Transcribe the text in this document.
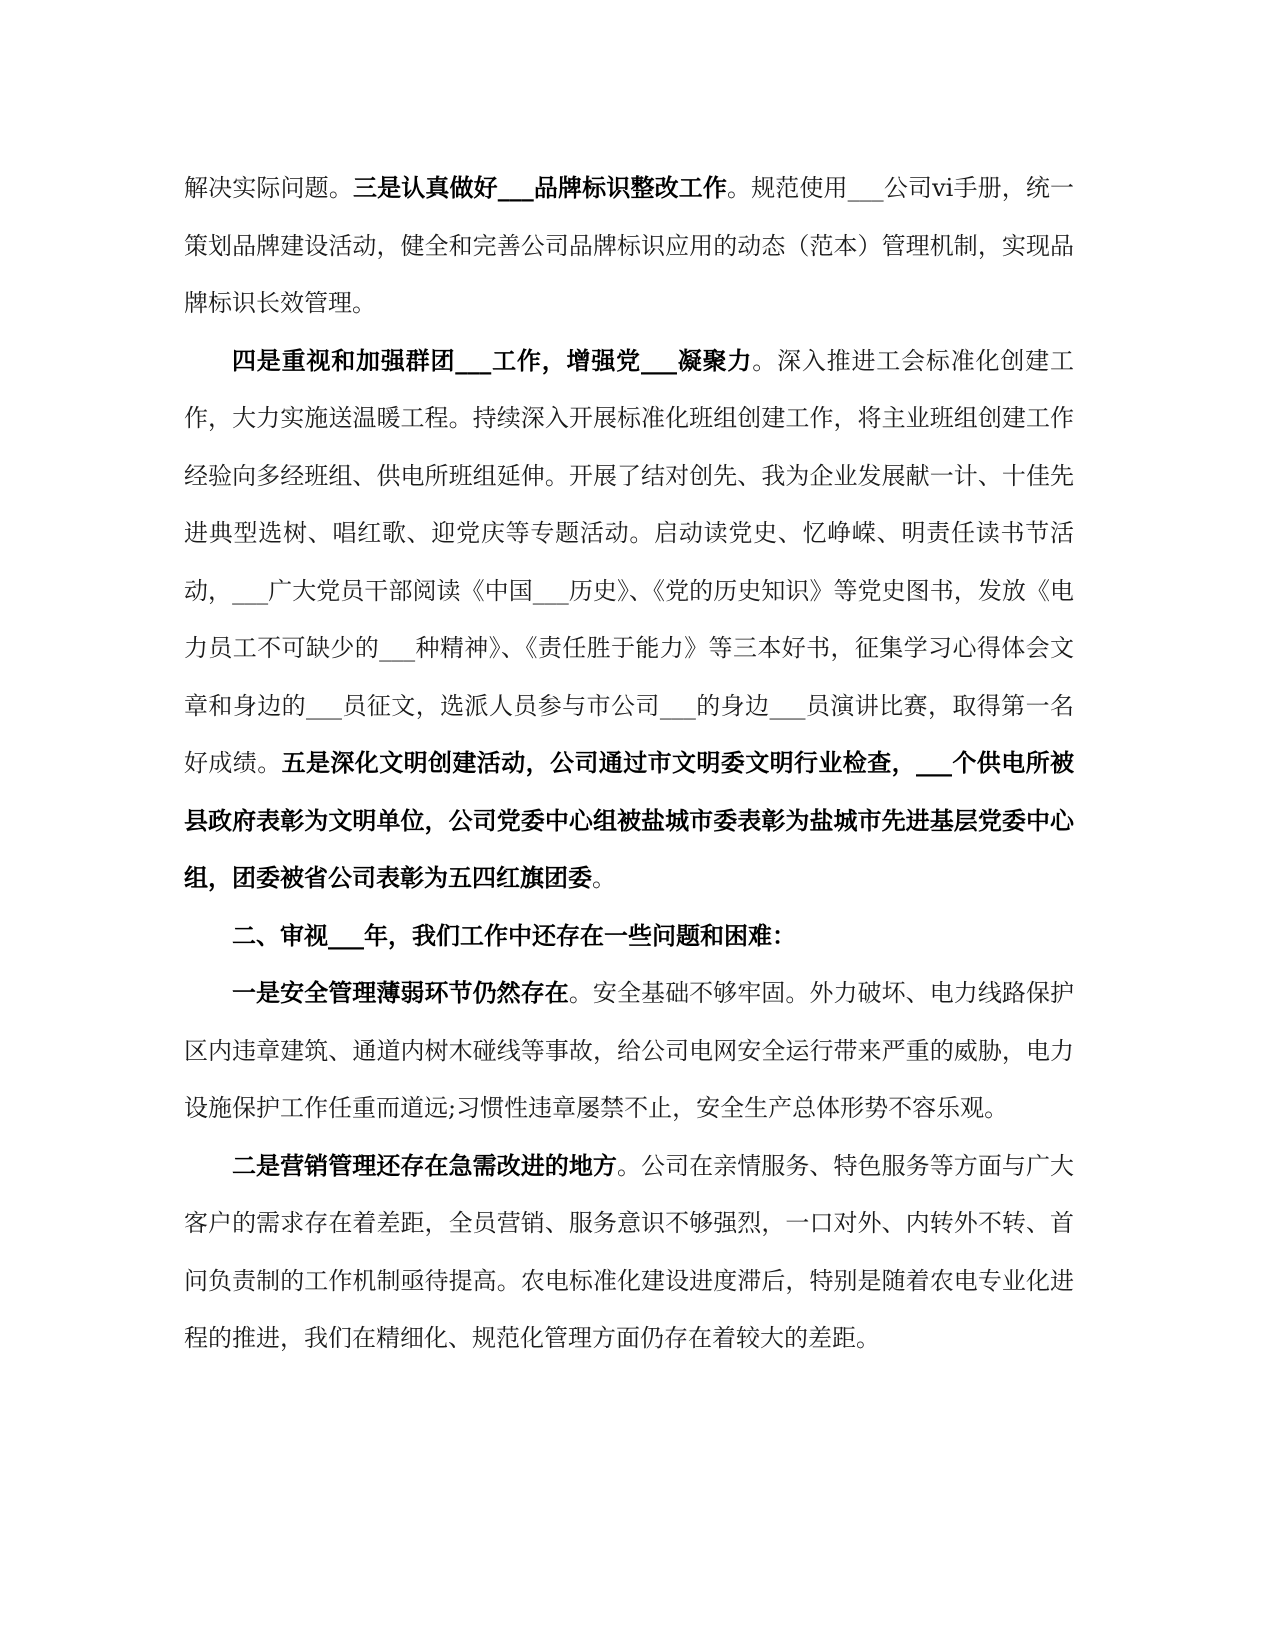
解决实际问题。三是认真做好___品牌标识整改工作。规范使用___公司vi手册，统一策划品牌建设活动，健全和完善公司品牌标识应用的动态（范本）管理机制，实现品牌标识长效管理。

四是重视和加强群团___工作，增强党___凝聚力。深入推进工会标准化创建工作，大力实施送温暖工程。持续深入开展标准化班组创建工作，将主业班组创建工作经验向多经班组、供电所班组延伸。开展了结对创先、我为企业发展献一计、十佳先进典型选树、唱红歌、迎党庆等专题活动。启动读党史、忆峥嵘、明责任读书节活动，___广大党员干部阅读《中国___历史》、《党的历史知识》等党史图书，发放《电力员工不可缺少的___种精神》、《责任胜于能力》等三本好书，征集学习心得体会文章和身边的___员征文，选派人员参与市公司___的身边___员演讲比赛，取得第一名好成绩。五是深化文明创建活动，公司通过市文明委文明行业检查，___个供电所被县政府表彰为文明单位，公司党委中心组被盐城市委表彰为盐城市先进基层党委中心组，团委被省公司表彰为五四红旗团委。

二、审视___年，我们工作中还存在一些问题和困难：

一是安全管理薄弱环节仍然存在。安全基础不够牢固。外力破坏、电力线路保护区内违章建筑、通道内树木碰线等事故，给公司电网安全运行带来严重的威胁，电力设施保护工作任重而道远;习惯性违章屡禁不止，安全生产总体形势不容乐观。

二是营销管理还存在急需改进的地方。公司在亲情服务、特色服务等方面与广大客户的需求存在着差距，全员营销、服务意识不够强烈，一口对外、内转外不转、首问负责制的工作机制亟待提高。农电标准化建设进度滞后，特别是随着农电专业化进程的推进，我们在精细化、规范化管理方面仍存在着较大的差距。
